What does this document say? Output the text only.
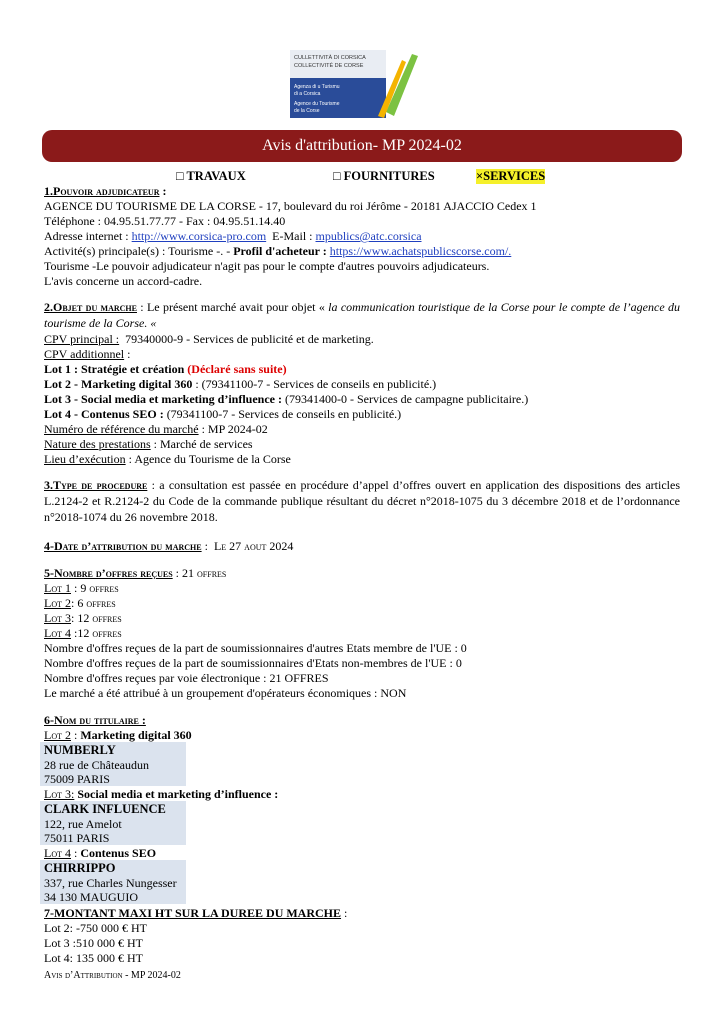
CULLETTIVITÀ DI CORSICA
COLLECTIVITÉ DE CORSE
Agenza di u Turismu
di a Corsica
Agence du Tourisme
de la Corse
Avis d'attribution- MP 2024-02
□ TRAVAUX	□ FOURNITURES	×SERVICES
1.Pouvoir adjudicateur :
AGENCE DU TOURISME DE LA CORSE - 17, boulevard du roi Jérôme - 20181 AJACCIO Cedex 1
Téléphone : 04.95.51.77.77 - Fax : 04.95.51.14.40
Adresse internet : http://www.corsica-pro.com  E-Mail : mpublics@atc.corsica
Activité(s) principale(s) : Tourisme -. - Profil d'acheteur : https://www.achatspublicscorse.com/.
Tourisme -Le pouvoir adjudicateur n'agit pas pour le compte d'autres pouvoirs adjudicateurs.
L'avis concerne un accord-cadre.
2.Objet du marche : Le présent marché avait pour objet « la communication touristique de la Corse pour le compte de l’agence du tourisme de la Corse. «
CPV principal :  79340000-9 - Services de publicité et de marketing.
CPV additionnel :
Lot 1 : Stratégie et création (Déclaré sans suite)
Lot 2 - Marketing digital 360 : (79341100-7 - Services de conseils en publicité.)
Lot 3 - Social media et marketing d’influence : (79341400-0 - Services de campagne publicitaire.)
Lot 4 - Contenus SEO : (79341100-7 - Services de conseils en publicité.)
Numéro de référence du marché : MP 2024-02
Nature des prestations : Marché de services
Lieu d’exécution : Agence du Tourisme de la Corse
3.Type de procedure : a consultation est passée en procédure d’appel d’offres ouvert en application des dispositions des articles L.2124-2 et R.2124-2 du Code de la commande publique résultant du décret n°2018-1075 du 3 décembre 2018 et de l’ordonnance n°2018-1074 du 26 novembre 2018.
4-Date d’attribution du marche :  Le 27 aout 2024
5-Nombre d’offres reçues : 21 offres
Lot 1 : 9 offres
Lot 2: 6 offres
Lot 3: 12 offres
Lot 4 :12 offres
Nombre d'offres reçues de la part de soumissionnaires d'autres Etats membre de l'UE : 0
Nombre d'offres reçues de la part de soumissionnaires d'Etats non-membres de l'UE : 0
Nombre d'offres reçues par voie électronique : 21 OFFRES
Le marché a été attribué à un groupement d'opérateurs économiques : NON
6-Nom du titulaire :
Lot 2 : Marketing digital 360
NUMBERLY
28 rue de Châteaudun
75009 PARIS
Lot 3: Social media et marketing d’influence :
CLARK INFLUENCE
122, rue Amelot
75011 PARIS
Lot 4 : Contenus SEO
CHIRRIPPO
337, rue Charles Nungesser
34 130 MAUGUIO
7-MONTANT MAXI HT SUR LA DUREE DU MARCHE :
Lot 2: -750 000 € HT
Lot 3 :510 000 € HT
Lot 4: 135 000 € HT
Avis d’Attribution - MP 2024-02
